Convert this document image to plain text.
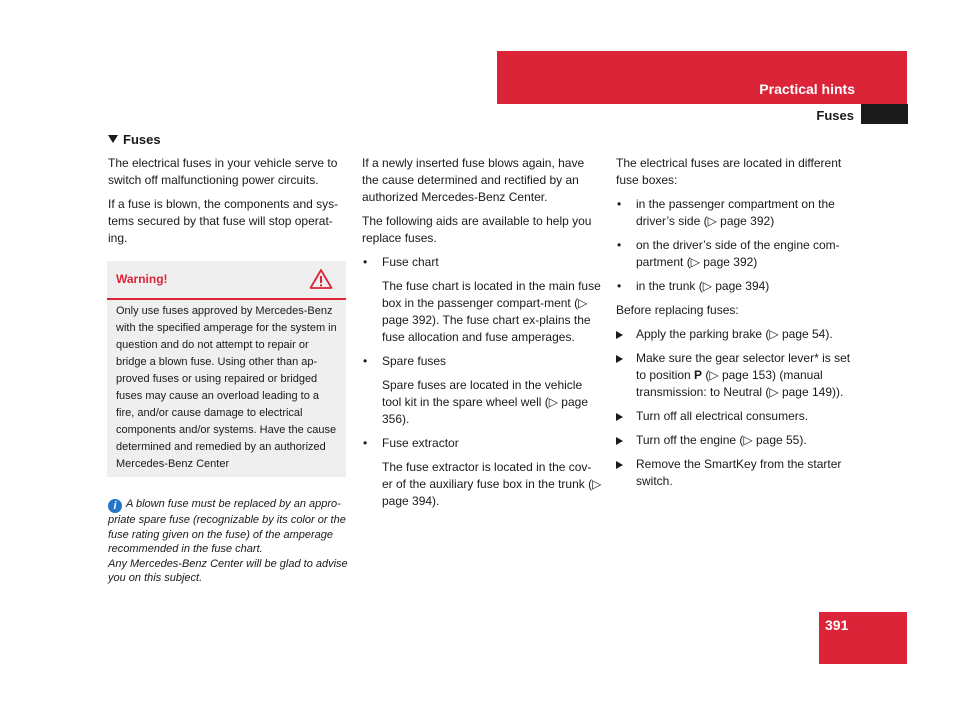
Practical hints
Fuses
Fuses

The electrical fuses in your vehicle serve to switch off malfunctioning power circuits.

If a fuse is blown, the components and sys-tems secured by that fuse will stop operat-ing.

Warning!
Only use fuses approved by Mercedes-Benz with the specified amperage for the system in question and do not attempt to repair or bridge a blown fuse. Using other than ap-proved fuses or using repaired or bridged fuses may cause an overload leading to a fire, and/or cause damage to electrical components and/or systems. Have the cause determined and remedied by an authorized Mercedes-Benz Center
i A blown fuse must be replaced by an appro-priate spare fuse (recognizable by its color or the fuse rating given on the fuse) of the amperage recommended in the fuse chart.
Any Mercedes-Benz Center will be glad to advise you on this subject.

If a newly inserted fuse blows again, have the cause determined and rectified by an authorized Mercedes-Benz Center.

The following aids are available to help you replace fuses.

• Fuse chart
The fuse chart is located in the main fuse box in the passenger compart-ment (▷ page 392). The fuse chart ex-plains the fuse allocation and fuse amperages.
• Spare fuses
Spare fuses are located in the vehicle tool kit in the spare wheel well (▷ page 356).
• Fuse extractor
The fuse extractor is located in the cov-er of the auxiliary fuse box in the trunk (▷ page 394).

The electrical fuses are located in different fuse boxes:

• in the passenger compartment on the driver’s side (▷ page 392)
• on the driver’s side of the engine com-partment (▷ page 392)
• in the trunk (▷ page 394)

Before replacing fuses:

Apply the parking brake (▷ page 54).
Make sure the gear selector lever* is set to position P (▷ page 153) (manual transmission: to Neutral (▷ page 149)).
Turn off all electrical consumers.
Turn off the engine (▷ page 55).
Remove the SmartKey from the starter switch.
391
